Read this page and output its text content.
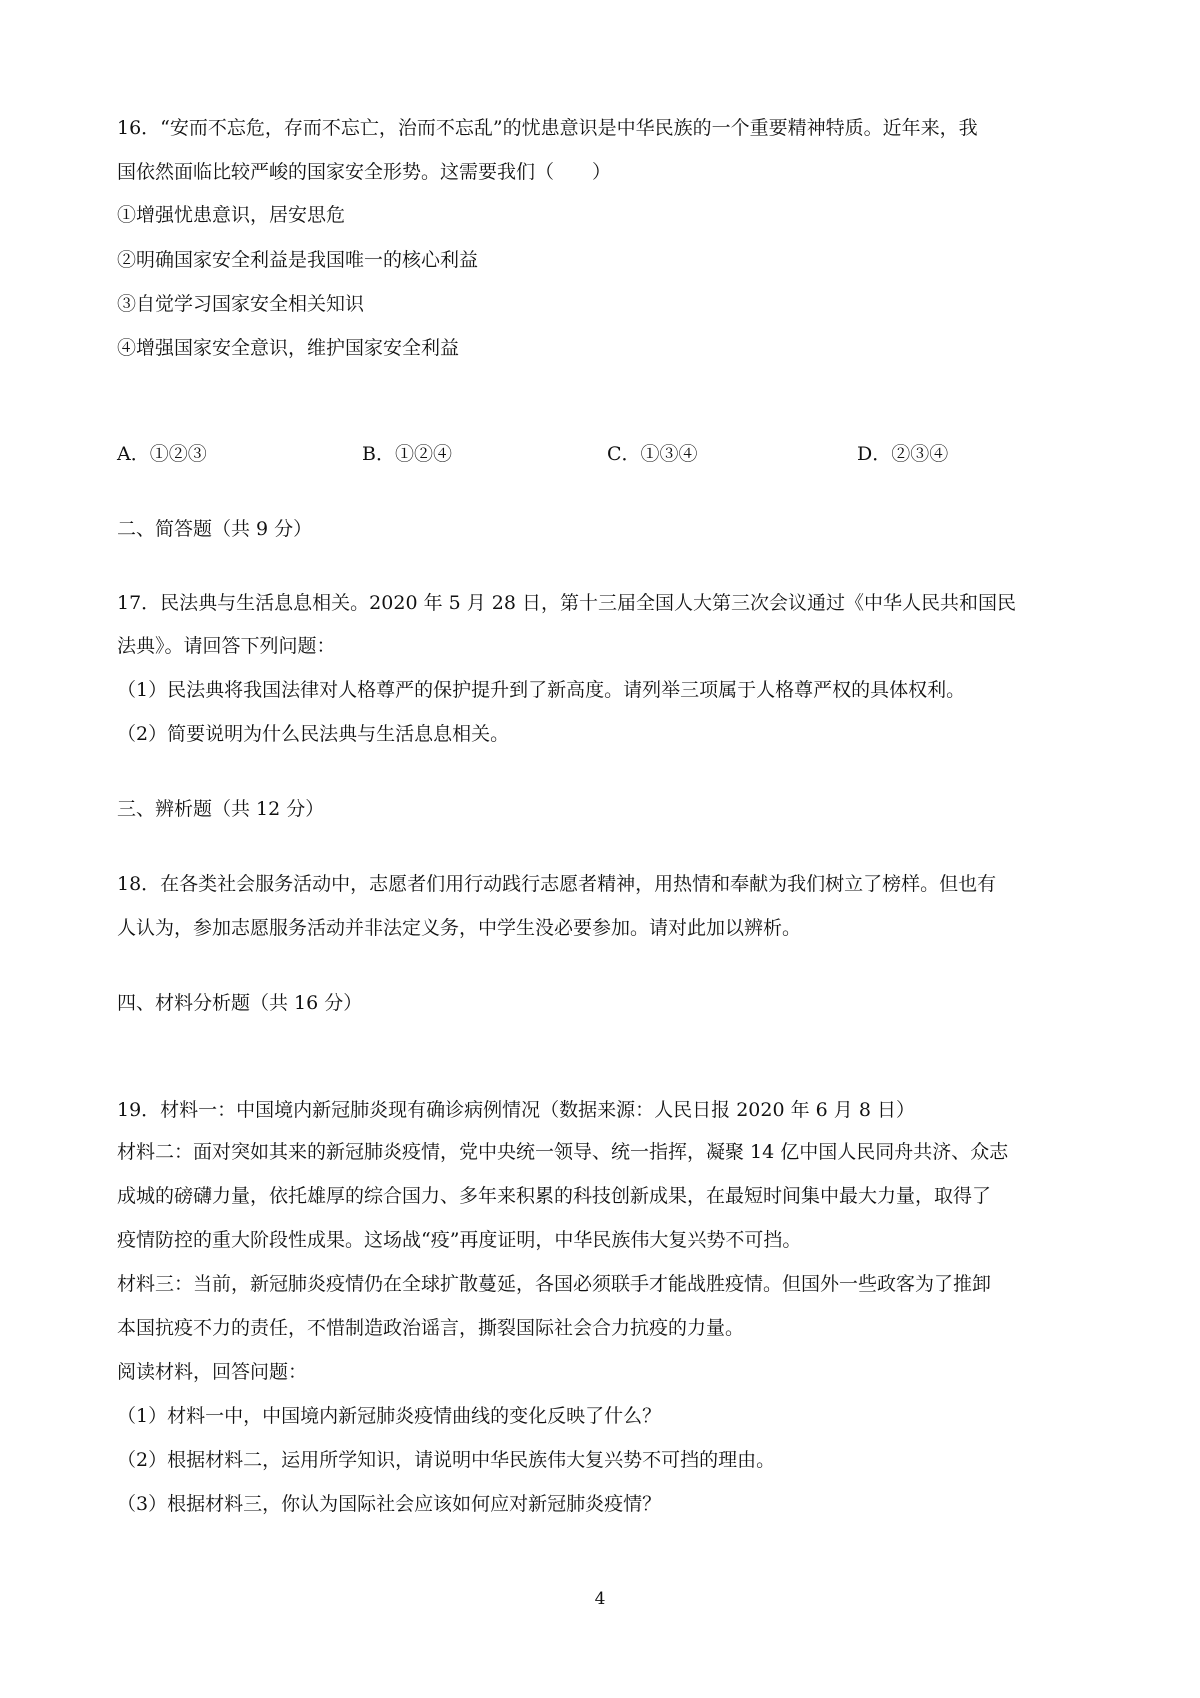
16．“安而不忘危，存而不忘亡，治而不忘乱”的忧患意识是中华民族的一个重要精神特质。近年来，我
国依然面临比较严峻的国家安全形势。这需要我们（　　）
①增强忧患意识，居安思危
②明确国家安全利益是我国唯一的核心利益
③自觉学习国家安全相关知识
④增强国家安全意识，维护国家安全利益
A．①②③	B．①②④	C．①③④	D．②③④
二、简答题（共 9 分）
17．民法典与生活息息相关。2020 年 5 月 28 日，第十三届全国人大第三次会议通过《中华人民共和国民
法典》。请回答下列问题：
（1）民法典将我国法律对人格尊严的保护提升到了新高度。请列举三项属于人格尊严权的具体权利。
（2）简要说明为什么民法典与生活息息相关。
三、辨析题（共 12 分）
18．在各类社会服务活动中，志愿者们用行动践行志愿者精神，用热情和奉献为我们树立了榜样。但也有
人认为，参加志愿服务活动并非法定义务，中学生没必要参加。请对此加以辨析。
四、材料分析题（共 16 分）
19．材料一：中国境内新冠肺炎现有确诊病例情况（数据来源：人民日报 2020 年 6 月 8 日）
材料二：面对突如其来的新冠肺炎疫情，党中央统一领导、统一指挥，凝聚 14 亿中国人民同舟共济、众志
成城的磅礴力量，依托雄厚的综合国力、多年来积累的科技创新成果，在最短时间集中最大力量，取得了
疫情防控的重大阶段性成果。这场战“疫”再度证明，中华民族伟大复兴势不可挡。
材料三：当前，新冠肺炎疫情仍在全球扩散蔓延，各国必须联手才能战胜疫情。但国外一些政客为了推卸
本国抗疫不力的责任，不惜制造政治谣言，撕裂国际社会合力抗疫的力量。
阅读材料，回答问题：
（1）材料一中，中国境内新冠肺炎疫情曲线的变化反映了什么？
（2）根据材料二，运用所学知识，请说明中华民族伟大复兴势不可挡的理由。
（3）根据材料三，你认为国际社会应该如何应对新冠肺炎疫情？
4
